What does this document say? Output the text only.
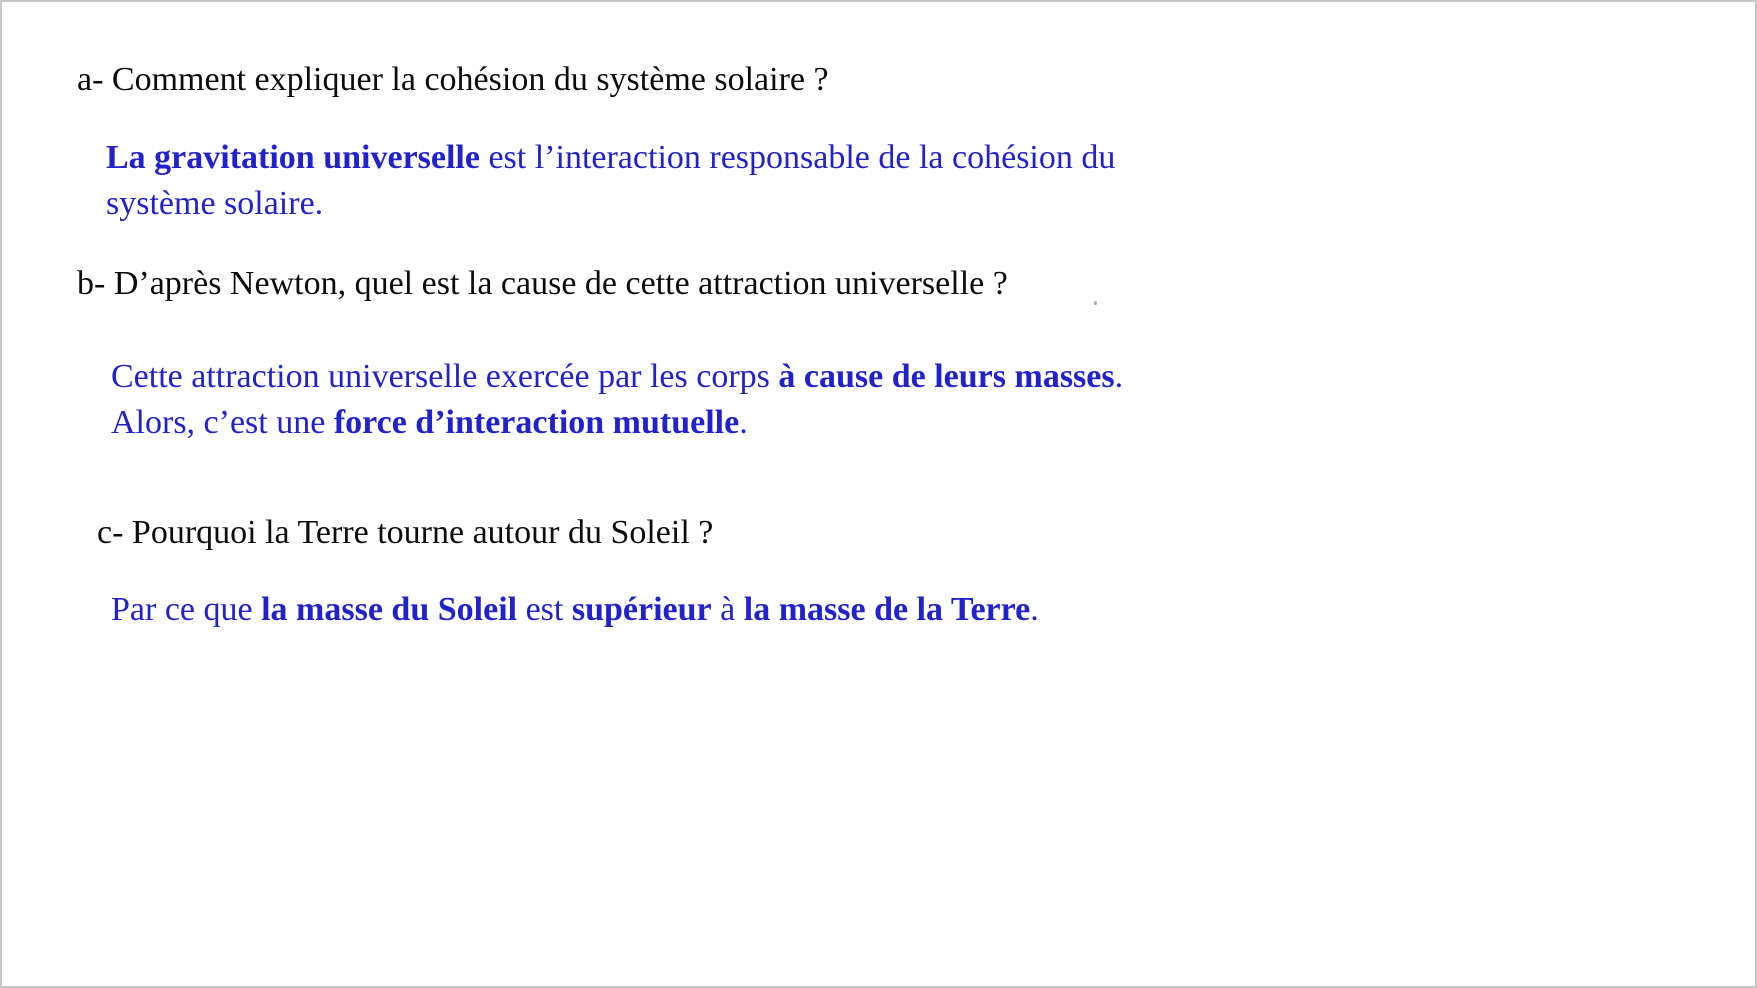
a- Comment expliquer la cohésion du système solaire ?

La gravitation universelle est l’interaction responsable de la cohésion du
système solaire.

b- D’après Newton, quel est la cause de cette attraction universelle ?

Cette attraction universelle exercée par les corps à cause de leurs masses.
Alors, c’est une force d’interaction mutuelle.

c- Pourquoi la Terre tourne autour du Soleil ?

Par ce que la masse du Soleil est supérieur à la masse de la Terre.
